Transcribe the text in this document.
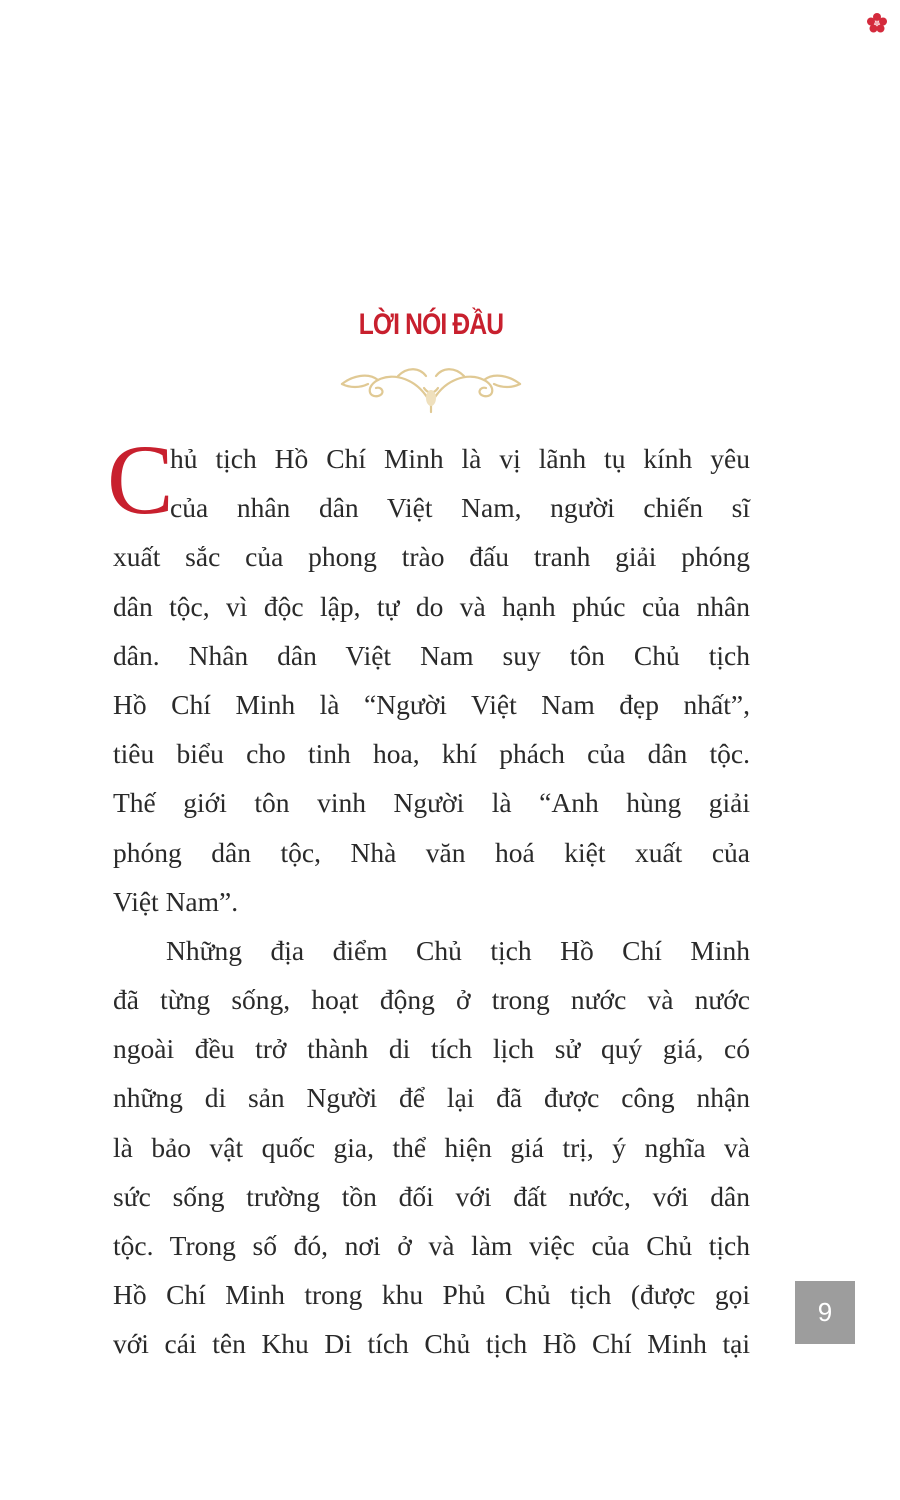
LỜI NÓI ĐẦU
C
hủ tịch Hồ Chí Minh là vị lãnh tụ kính yêu
của nhân dân Việt Nam, người chiến sĩ
xuất sắc của phong trào đấu tranh giải phóng
dân tộc, vì độc lập, tự do và hạnh phúc của nhân
dân. Nhân dân Việt Nam suy tôn Chủ tịch
Hồ Chí Minh là “Người Việt Nam đẹp nhất”,
tiêu biểu cho tinh hoa, khí phách của dân tộc.
Thế giới tôn vinh Người là “Anh hùng giải
phóng dân tộc, Nhà văn hoá kiệt xuất của
Việt Nam”.
Những địa điểm Chủ tịch Hồ Chí Minh
đã từng sống, hoạt động ở trong nước và nước
ngoài đều trở thành di tích lịch sử quý giá, có
những di sản Người để lại đã được công nhận
là bảo vật quốc gia, thể hiện giá trị, ý nghĩa và
sức sống trường tồn đối với đất nước, với dân
tộc. Trong số đó, nơi ở và làm việc của Chủ tịch
Hồ Chí Minh trong khu Phủ Chủ tịch (được gọi
với cái tên Khu Di tích Chủ tịch Hồ Chí Minh tại
9
